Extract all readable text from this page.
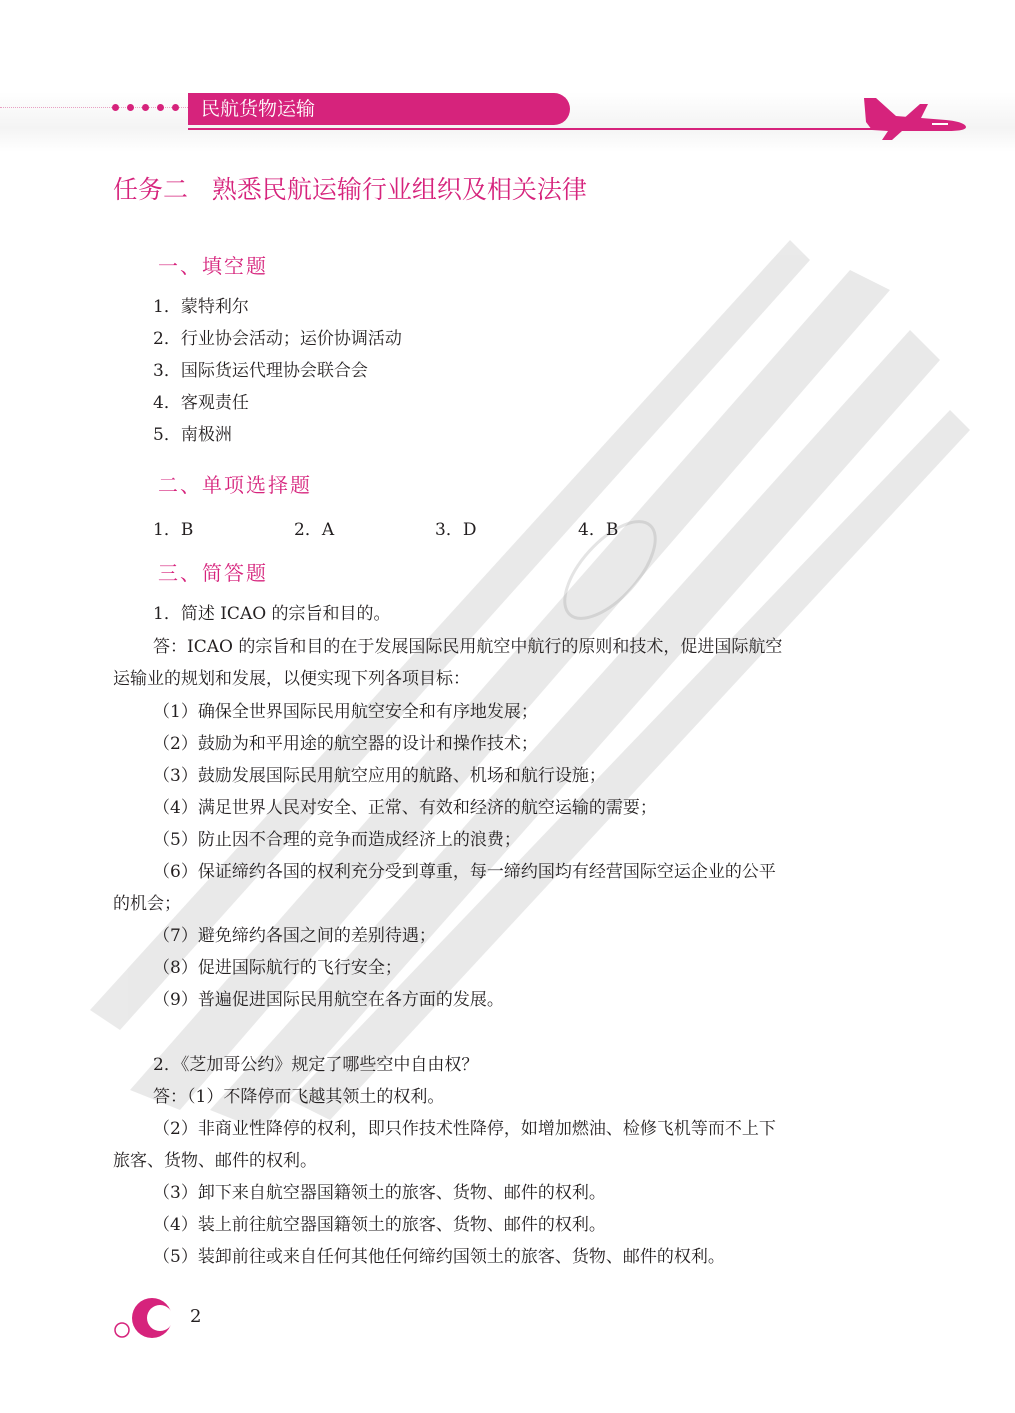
民航货物运输
任务二   熟悉民航运输行业组织及相关法律
一、填空题
1．蒙特利尔
2．行业协会活动；运价协调活动
3．国际货运代理协会联合会
4．客观责任
5．南极洲
二、单项选择题
1．B	2．A	3．D	4．B
三、简答题
1．简述 ICAO 的宗旨和目的。
答：ICAO 的宗旨和目的在于发展国际民用航空中航行的原则和技术，促进国际航空
运输业的规划和发展，以便实现下列各项目标：
（1）确保全世界国际民用航空安全和有序地发展；
（2）鼓励为和平用途的航空器的设计和操作技术；
（3）鼓励发展国际民用航空应用的航路、机场和航行设施；
（4）满足世界人民对安全、正常、有效和经济的航空运输的需要；
（5）防止因不合理的竞争而造成经济上的浪费；
（6）保证缔约各国的权利充分受到尊重，每一缔约国均有经营国际空运企业的公平
的机会；
（7）避免缔约各国之间的差别待遇；
（8）促进国际航行的飞行安全；
（9）普遍促进国际民用航空在各方面的发展。
2．《芝加哥公约》规定了哪些空中自由权？
答：（1）不降停而飞越其领土的权利。
（2）非商业性降停的权利，即只作技术性降停，如增加燃油、检修飞机等而不上下
旅客、货物、邮件的权利。
（3）卸下来自航空器国籍领土的旅客、货物、邮件的权利。
（4）装上前往航空器国籍领土的旅客、货物、邮件的权利。
（5）装卸前往或来自任何其他任何缔约国领土的旅客、货物、邮件的权利。
2
